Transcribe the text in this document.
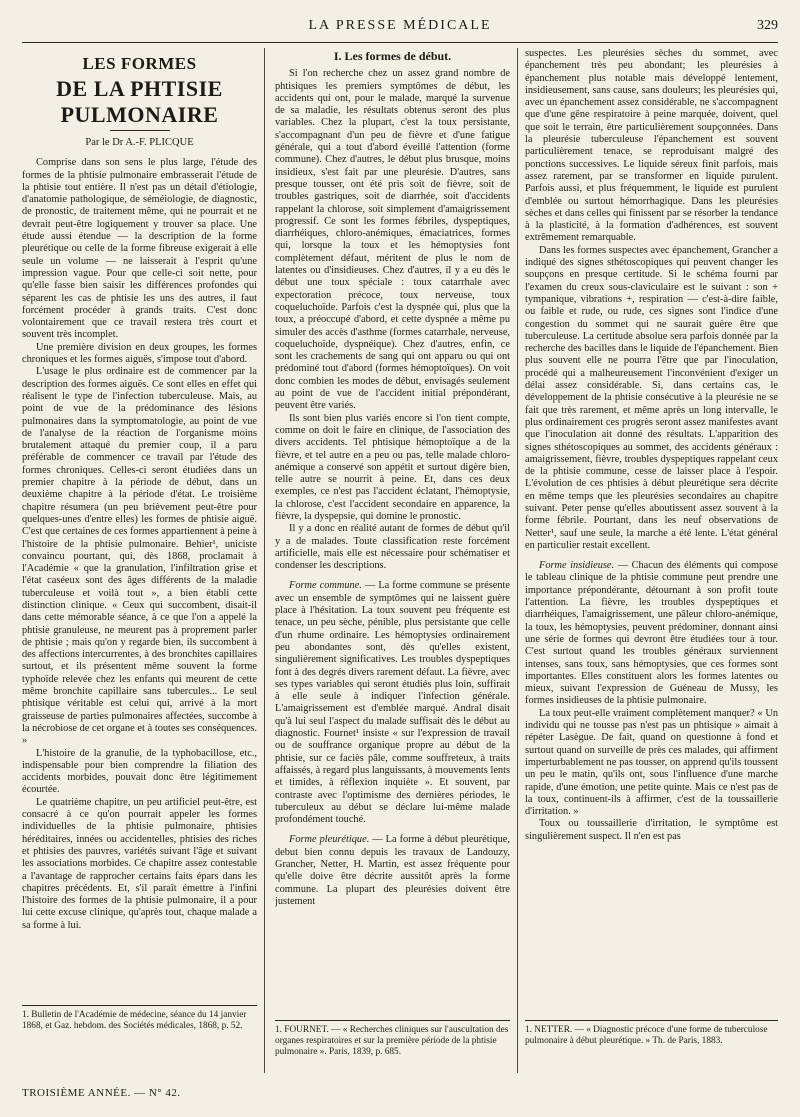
LA PRESSE MÉDICALE	329
LES FORMES
DE LA PHTISIE PULMONAIRE
Par le Dr A.-F. PLICQUE

Comprise dans son sens le plus large, l'étude des formes de la phtisie pulmonaire embrasserait l'étude de la phtisie tout entière. Il n'est pas un détail d'étiologie, d'anatomie pathologique, de séméiologie, de diagnostic, de pronostic, de traitement même, qui ne pourrait et ne devrait peut-être logiquement y trouver sa place. Une étude aussi étendue — la description de la forme pleurétique ou celle de la forme fibreuse exigerait à elle seule un volume — ne laisserait à l'esprit qu'une impression vague. Pour que celle-ci soit nette, pour qu'elle fasse bien saisir les différences profondes qui séparent les cas de phtisie les uns des autres, il faut forcément procéder à grands traits. C'est donc volontairement que ce travail restera très court et souvent très incomplet.

Une première division en deux groupes, les formes chroniques et les formes aiguës, s'impose tout d'abord.

L'usage le plus ordinaire est de commencer par la description des formes aiguës. Ce sont elles en effet qui réalisent le type de l'infection tuberculeuse. Mais, au point de vue de la prédominance des lésions pulmonaires dans la symptomatologie, au point de vue de l'analyse de la réaction de l'organisme moins brutalement attaqué du premier coup, il a paru préférable de commencer ce travail par l'étude des formes chroniques. Celles-ci seront étudiées dans un premier chapitre à la période de début, dans un deuxième chapitre à la période d'état. Le troisième chapitre résumera (un peu brièvement peut-être pour quelques-unes d'entre elles) les formes de phtisie aiguë. C'est que certaines de ces formes appartiennent à peine à l'histoire de la phtisie pulmonaire. Behier¹, uniciste convaincu pourtant, qui, dès 1868, proclamait à l'Académie « que la granulation, l'infiltration grise et l'état caséeux sont des âges différents de la maladie tuberculeuse et voilà tout », a bien établi cette distinction clinique. « Ceux qui succombent, disait-il dans cette mémorable séance, à ce que l'on a appelé la phtisie granuleuse, ne meurent pas à proprement parler de phtisie ; mais qu'on y regarde bien, ils succombent à des affections intercurrentes, à des bronchites capillaires surtout, et ils présentent même souvent la forme typhoïde relevée chez les enfants qui meurent de cette même bronchite capillaire sans tubercules... Le seul phtisique véritable est celui qui, arrivé à la mort graisseuse de parties pulmonaires affectées, succombe à la nécrobiose de cet organe et à toutes ses conséquences. »

L'histoire de la granulie, de la typhobacillose, etc., indispensable pour bien comprendre la filiation des accidents morbides, pouvait donc être légitimement écourtée.

Le quatrième chapitre, un peu artificiel peut-être, est consacré à ce qu'on pourrait appeler les formes individuelles de la phtisie pulmonaire, phtisies héréditaires, innées ou accidentelles, phtisies des riches et phtisies des pauvres, variétés suivant l'âge et suivant les associations morbides. Ce chapitre assez contestable a l'avantage de rapprocher certains faits épars dans les chapitres précédents. Et, s'il paraît émettre à l'infini l'histoire des formes de la phtisie pulmonaire, il a pour lui cette excuse clinique, qu'après tout, chaque malade a sa forme à lui.

I. Les formes de début.

Si l'on recherche chez un assez grand nombre de phtisiques les premiers symptômes de début, les accidents qui ont, pour le malade, marqué la survenue de sa maladie, les résultats obtenus seront des plus variables. Chez la plupart, c'est la toux persistante, s'accompagnant d'un peu de fièvre et d'une fatigue générale, qui a tout d'abord éveillé l'attention (forme commune). Chez d'autres, le début plus brusque, moins insidieux, s'est fait par une pleurésie. D'autres, sans presque tousser, ont été pris soit de fièvre, soit de troubles gastriques, soit de diarrhée, soit d'accidents rappelant la chlorose, soit simplement d'amaigrissement progressif. Ce sont les formes fébriles, dyspeptiques, diarrhéiques, chloro-anémiques, émaciatrices, formes qui, lorsque la toux et les hémoptysies font complètement défaut, méritent de plus le nom de latentes ou d'insidieuses. Chez d'autres, il y a eu dès le début une toux spéciale : toux catarrhale avec expectoration précoce, toux nerveuse, toux coqueluchoïde. Parfois c'est la dyspnée qui, plus que la toux, a préoccupé d'abord, et cette dyspnée a même pu simuler des accès d'asthme (formes catarrhale, nerveuse, coqueluchoïde, dyspnéique). Chez d'autres, enfin, ce sont les crachements de sang qui ont apparu ou qui ont prédominé tout d'abord (formes hémoptoïques). On voit donc combien les modes de début, envisagés seulement au point de vue de l'accident initial prépondérant, peuvent être variés.

Ils sont bien plus variés encore si l'on tient compte, comme on doit le faire en clinique, de l'association des divers accidents. Tel phtisique hémoptoïque a de la fièvre, et tel autre en a peu ou pas, telle malade chloro-anémique a conservé son appétit et surtout digère bien, telle autre se nourrit à peine. Et, dans ces deux exemples, ce n'est pas l'accident éclatant, l'hémoptysie, la chlorose, c'est l'accident secondaire en apparence, la fièvre, la dyspepsie, qui domine le pronostic.

Il y a donc en réalité autant de formes de début qu'il y a de malades. Toute classification reste forcément artificielle, mais elle est nécessaire pour schématiser et condenser les descriptions.

Forme commune. — La forme commune se présente avec un ensemble de symptômes qui ne laissent guère place à l'hésitation. La toux souvent peu fréquente est tenace, un peu sèche, pénible, plus persistante que celle d'un rhume ordinaire. Les hémoptysies ordinairement peu abondantes sont, dès qu'elles existent, singulièrement significatives. Les troubles dyspeptiques font à des degrés divers rarement défaut. La fièvre, avec ses types variables qui seront étudiés plus loin, suffirait à elle seule à indiquer l'infection générale. L'amaigrissement est d'emblée marqué. Andral disait qu'à lui seul l'aspect du malade suffisait dès le début au diagnostic. Fournet¹ insiste « sur l'expression de travail ou de souffrance organique propre au début de la phtisie, sur ce faciès pâle, comme souffreteux, à traits affaissés, à regard plus languissants, à mouvements lents et timides, à réflexion inquiète ». Et souvent, par contraste avec l'optimisme des dernières périodes, le tuberculeux au début se déclare lui-même malade profondément touché.

Forme pleurétique. — La forme à début pleurétique, debut bien connu depuis les travaux de Landouzy, Grancher, Netter, H. Martin, est assez fréquente pour qu'elle doive être décrite aussitôt après la forme commune. La plupart des pleurésies doivent être justement

suspectes. Les pleurésies sèches du sommet, avec épanchement très peu abondant; les pleurésies à épanchement plus notable mais développé lentement, insidieusement, sans cause, sans douleurs; les pleurésies qui, avec un épanchement assez considérable, ne s'accompagnent que d'une gêne respiratoire à peine marquée, doivent, quel que soit le terrain, être particulièrement soupçonnées. Dans la pleurésie tuberculeuse l'épanchement est souvent particulièrement tenace, se reproduisant malgré des ponctions successives. Le liquide séreux finit parfois, mais assez rarement, par se transformer en liquide purulent. Parfois aussi, et plus fréquemment, le liquide est purulent d'emblée ou surtout hémorrhagique. Dans les pleurésies sèches et dans celles qui finissent par se résorber la tendance à la plasticité, à la formation d'adhérences, est souvent extrêmement remarquable.

Dans les formes suspectes avec épanchement, Grancher a indiqué des signes sthétoscopiques qui peuvent changer les soupçons en presque certitude. Si le schéma fourni par l'examen du creux sous-claviculaire est le suivant : son + tympanique, vibrations +, respiration — c'est-à-dire faible, ou faible et rude, ou rude, ces signes sont l'indice d'une congestion du sommet qui ne saurait guère être que tuberculeuse. La certitude absolue sera parfois donnée par la recherche des bacilles dans le liquide de l'épanchement. Bien plus souvent elle ne pourra l'être que par l'inoculation, procédé qui a malheureusement l'inconvénient d'exiger un délai assez considérable. Si, dans certains cas, le développement de la phtisie consécutive à la pleurésie ne se fait que très rarement, et même après un long intervalle, le plus ordinairement ces progrès seront assez manifestes avant que l'inoculation ait donné des résultats. L'apparition des signes sthétoscopiques au sommet, des accidents généraux : amaigrissement, fièvre, troubles dyspeptiques rappelant ceux de la phtisie commune, cesse de laisser place à l'espoir. L'évolution de ces phtisies à début pleurétique sera décrite en même temps que les pleurésies secondaires au chapitre suivant. Peter pense qu'elles aboutissent assez souvent à la forme fébrile. Pourtant, dans les neuf observations de Netter¹, sauf une seule, la marche a été lente. L'état général en particulier restait excellent.

Forme insidieuse. — Chacun des éléments qui compose le tableau clinique de la phtisie commune peut prendre une importance prépondérante, détournant à son profit toute l'attention. La fièvre, les troubles dyspeptiques et diarrhéiques, l'amaigrissement, une pâleur chloro-anémique, la toux, les hémoptysies, peuvent prédominer, donnant ainsi une série de formes qui devront être étudiées tour à tour. C'est surtout quand les troubles généraux surviennent intenses, sans toux, sans hémoptysies, que ces formes sont importantes. Elles constituent alors les formes latentes ou mieux, suivant l'expression de Guéneau de Mussy, les formes insidieuses de la phtisie pulmonaire.

La toux peut-elle vraiment complètement manquer? « Un individu qui ne tousse pas n'est pas un phtisique » aimait à répéter Lasègue. De fait, quand on questionne à fond et surtout quand on surveille de près ces malades, qui affirment imperturbablement ne pas tousser, on apprend qu'ils toussent un peu le matin, qu'ils ont, sous l'influence d'une marche rapide, d'une émotion, une petite quinte. Mais ce n'est pas de la toux, continuent-ils à affirmer, c'est de la toussaillerie d'irritation. »

Toux ou toussaillerie d'irritation, le symptôme est singulièrement suspect. Il n'en est pas

1. Bulletin de l'Académie de médecine, séance du 14 janvier 1868, et Gaz. hebdom. des Sociétés médicales, 1868, p. 52.	1. FOURNET. — « Recherches cliniques sur l'auscultation des organes respiratoires et sur la première période de la phtisie pulmonaire ». Paris, 1839, p. 685.
1. NETTER. — « Diagnostic précoce d'une forme de tuberculose pulmonaire à début pleurétique. » Th. de Paris, 1883.
TROISIÈME ANNÉE. — N° 42.
